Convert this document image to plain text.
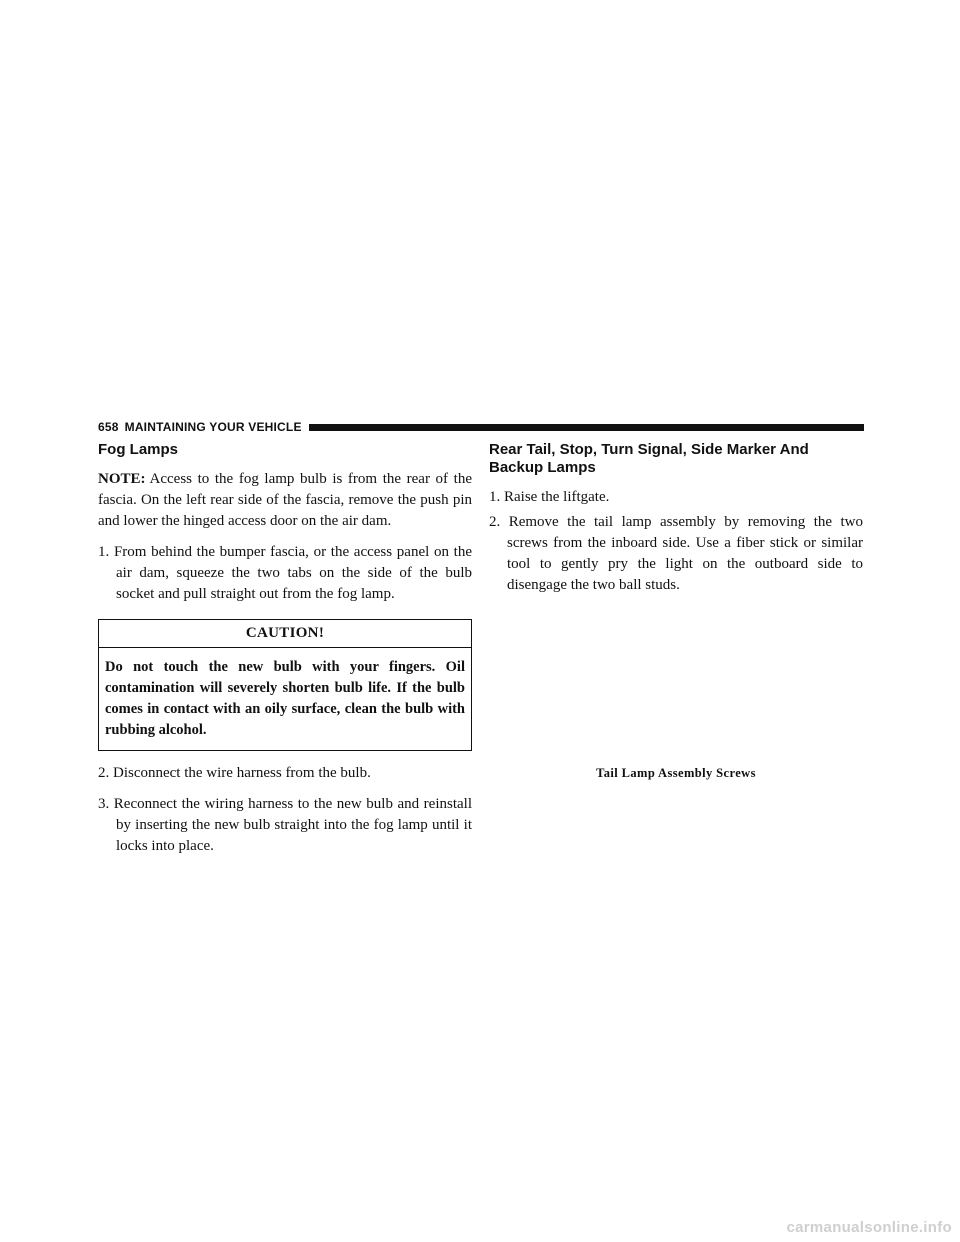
658 MAINTAINING YOUR VEHICLE
Fog Lamps

NOTE: Access to the fog lamp bulb is from the rear of the fascia. On the left rear side of the fascia, remove the push pin and lower the hinged access door on the air dam.

1. From behind the bumper fascia, or the access panel on the air dam, squeeze the two tabs on the side of the bulb socket and pull straight out from the fog lamp.
CAUTION!
Do not touch the new bulb with your fingers. Oil contamination will severely shorten bulb life. If the bulb comes in contact with an oily surface, clean the bulb with rubbing alcohol.
2. Disconnect the wire harness from the bulb.
3. Reconnect the wiring harness to the new bulb and reinstall by inserting the new bulb straight into the fog lamp until it locks into place.
Rear Tail, Stop, Turn Signal, Side Marker And Backup Lamps
1. Raise the liftgate.
2. Remove the tail lamp assembly by removing the two screws from the inboard side. Use a fiber stick or similar tool to gently pry the light on the outboard side to disengage the two ball studs.
Tail Lamp Assembly Screws
carmanualsonline.info
